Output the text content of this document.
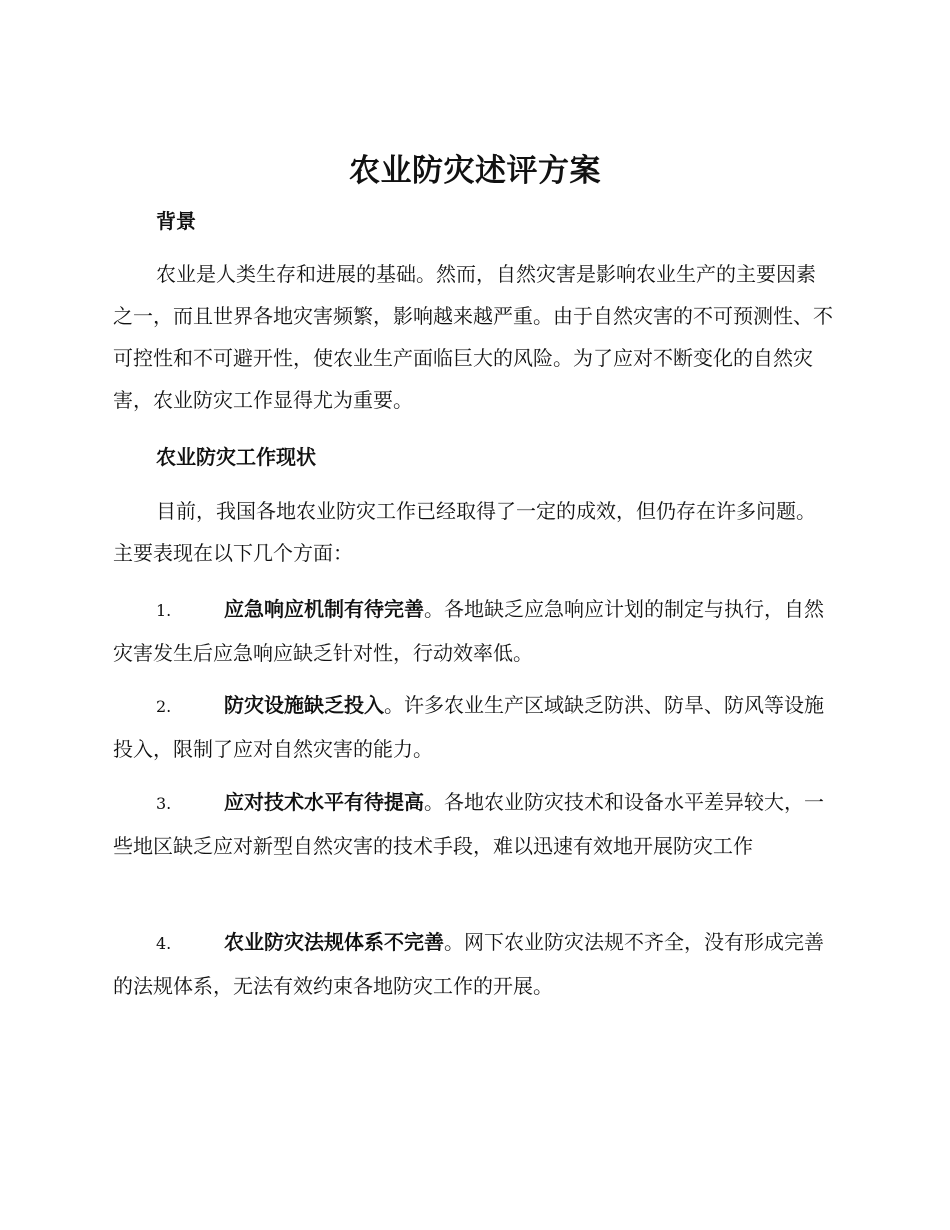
农业防灾述评方案
背景

农业是人类生存和进展的基础。然而，自然灾害是影响农业生产的主要因素之一，而且世界各地灾害频繁，影响越来越严重。由于自然灾害的不可预测性、不可控性和不可避开性，使农业生产面临巨大的风险。为了应对不断变化的自然灾害，农业防灾工作显得尤为重要。

农业防灾工作现状

目前，我国各地农业防灾工作已经取得了一定的成效，但仍存在许多问题。主要表现在以下几个方面：

1.	应急响应机制有待完善。各地缺乏应急响应计划的制定与执行，自然灾害发生后应急响应缺乏针对性，行动效率低。

2.	防灾设施缺乏投入。许多农业生产区域缺乏防洪、防旱、防风等设施投入，限制了应对自然灾害的能力。

3.	应对技术水平有待提高。各地农业防灾技术和设备水平差异较大，一些地区缺乏应对新型自然灾害的技术手段，难以迅速有效地开展防灾工作

4.	农业防灾法规体系不完善。网下农业防灾法规不齐全，没有形成完善的法规体系，无法有效约束各地防灾工作的开展。
